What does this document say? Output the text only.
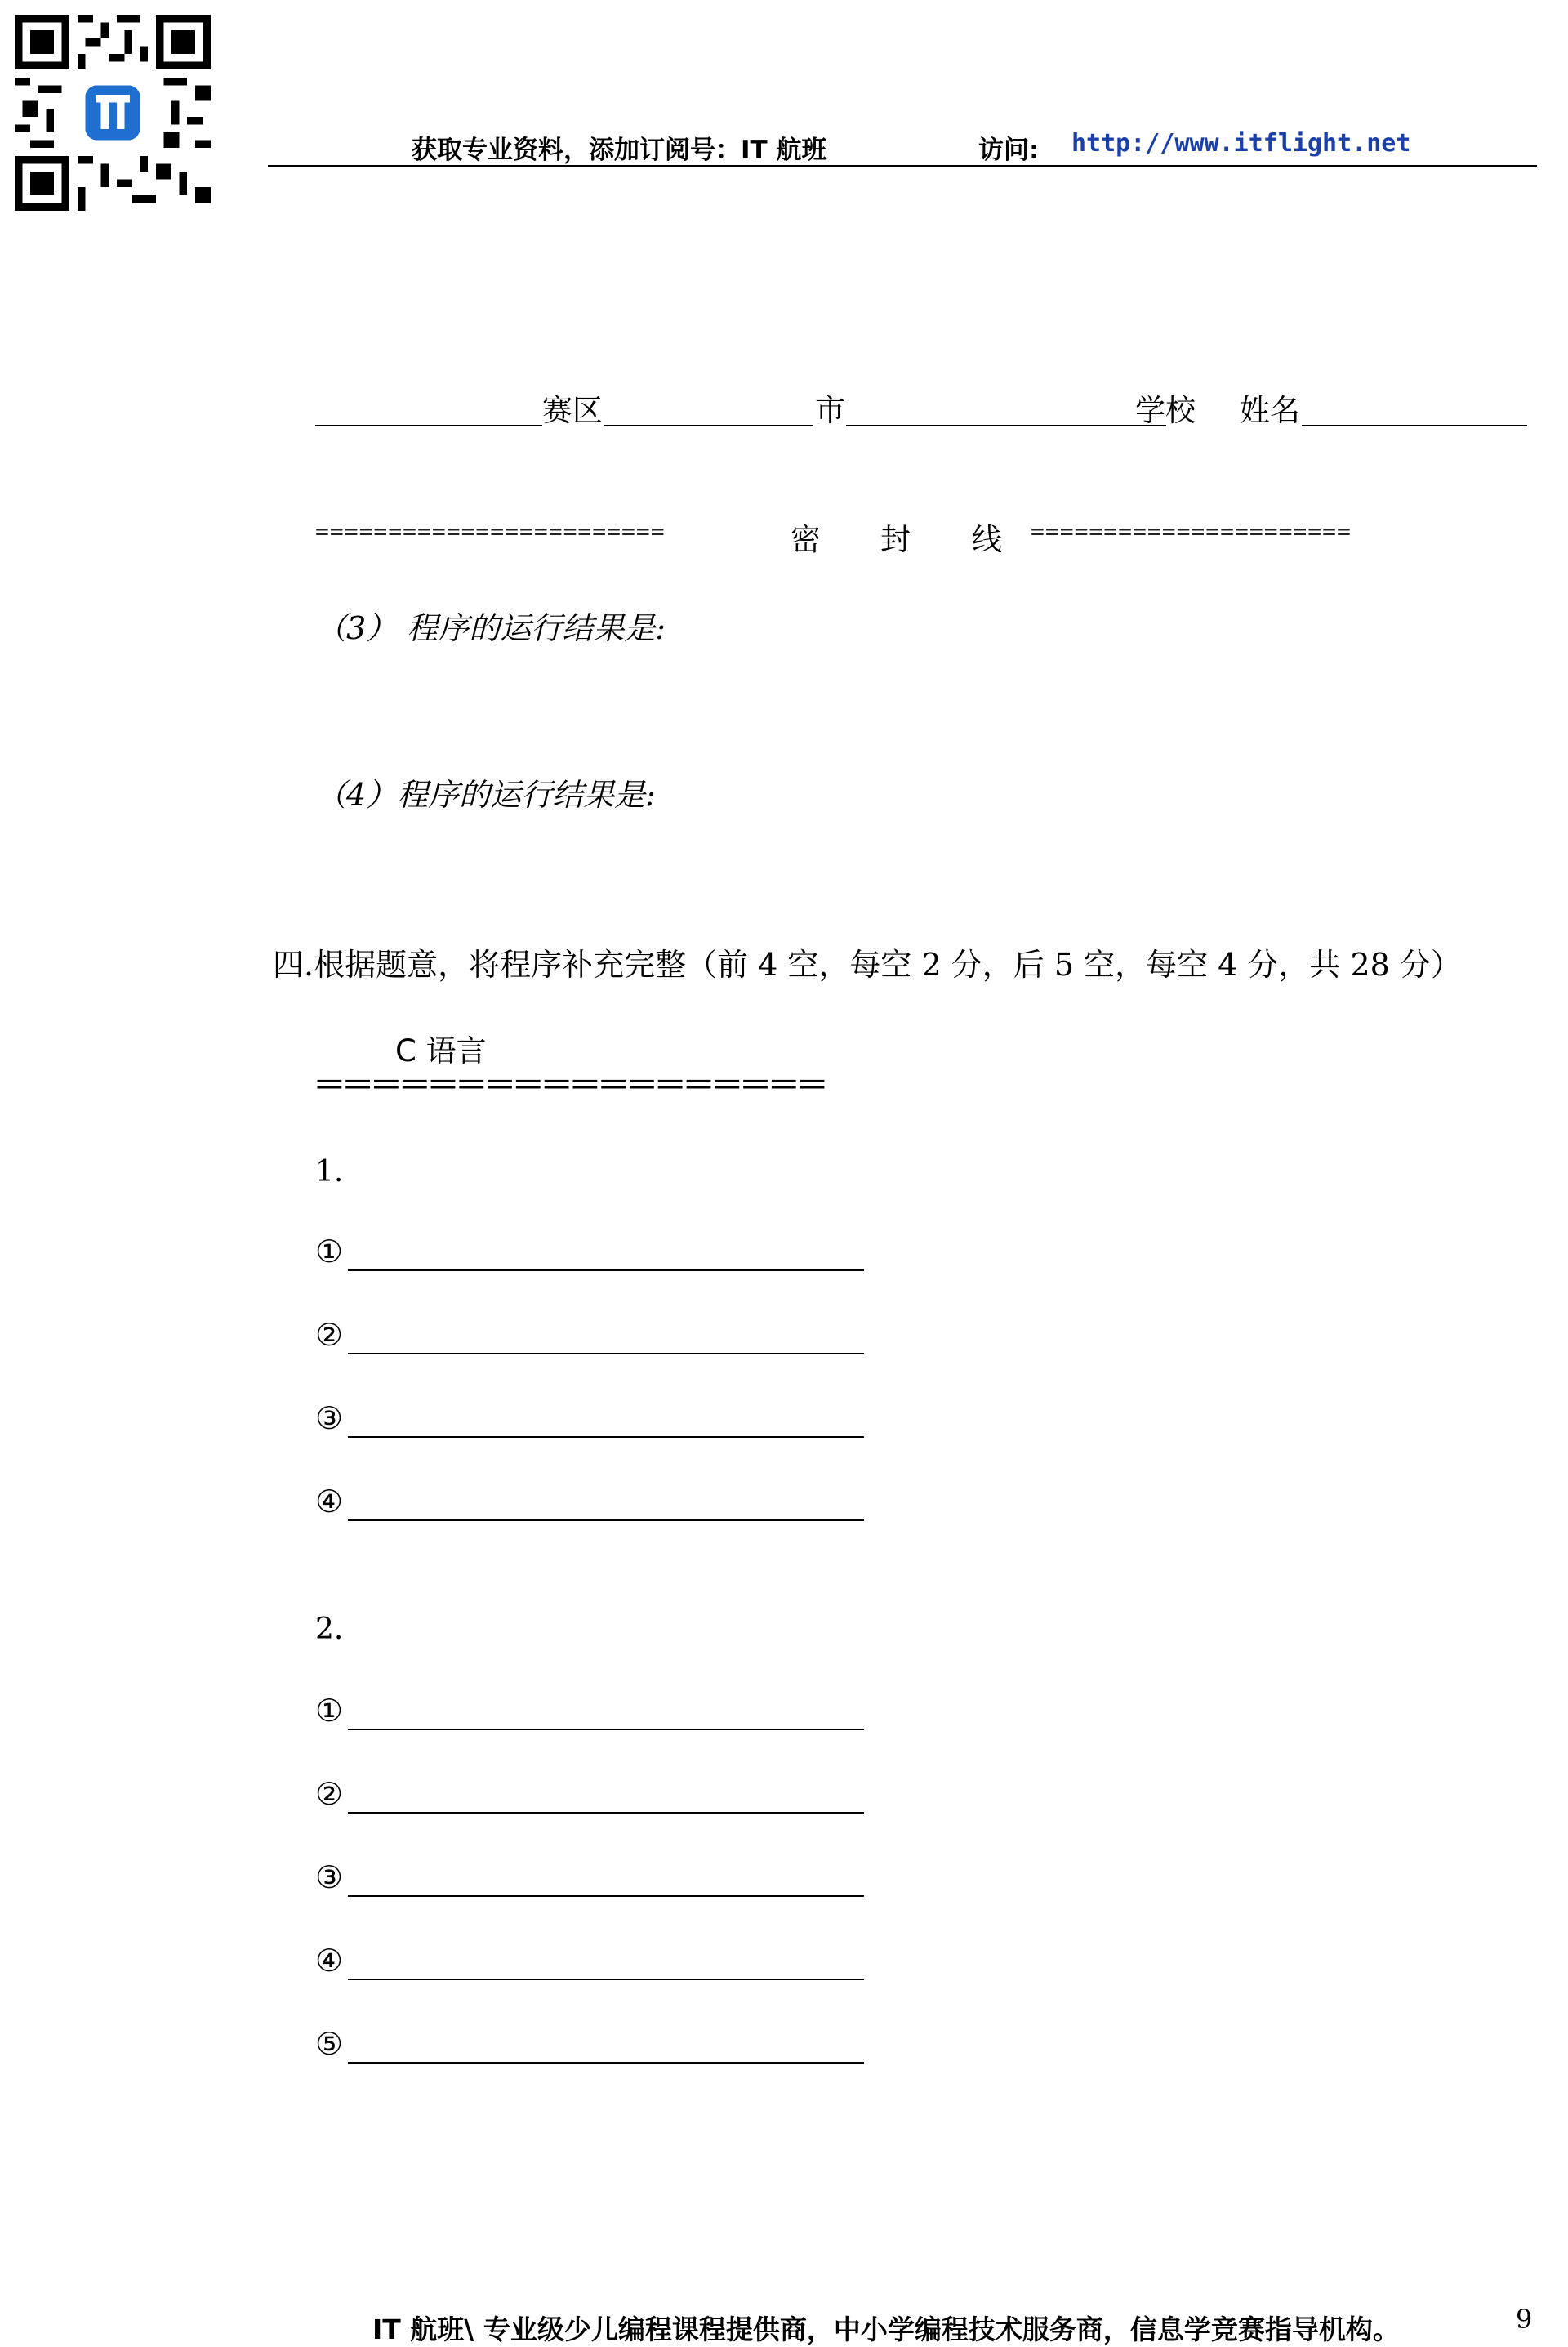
获取专业资料，添加订阅号：IT 航班	访问: http://www.itflight.net
赛区	市	学校 姓名
========================	密 封 线 ======================
（3） 程序的运行结果是:
（4）程序的运行结果是:
四.根据题意，将程序补充完整（前 4 空，每空 2 分，后 5 空，每空 4 分，共 28 分）
C 语言
==================
1.
①
②
③
④
2.
①
②
③
④
⑤
IT 航班\ 专业级少儿编程课程提供商，中小学编程技术服务商，信息学竞赛指导机构。	9
